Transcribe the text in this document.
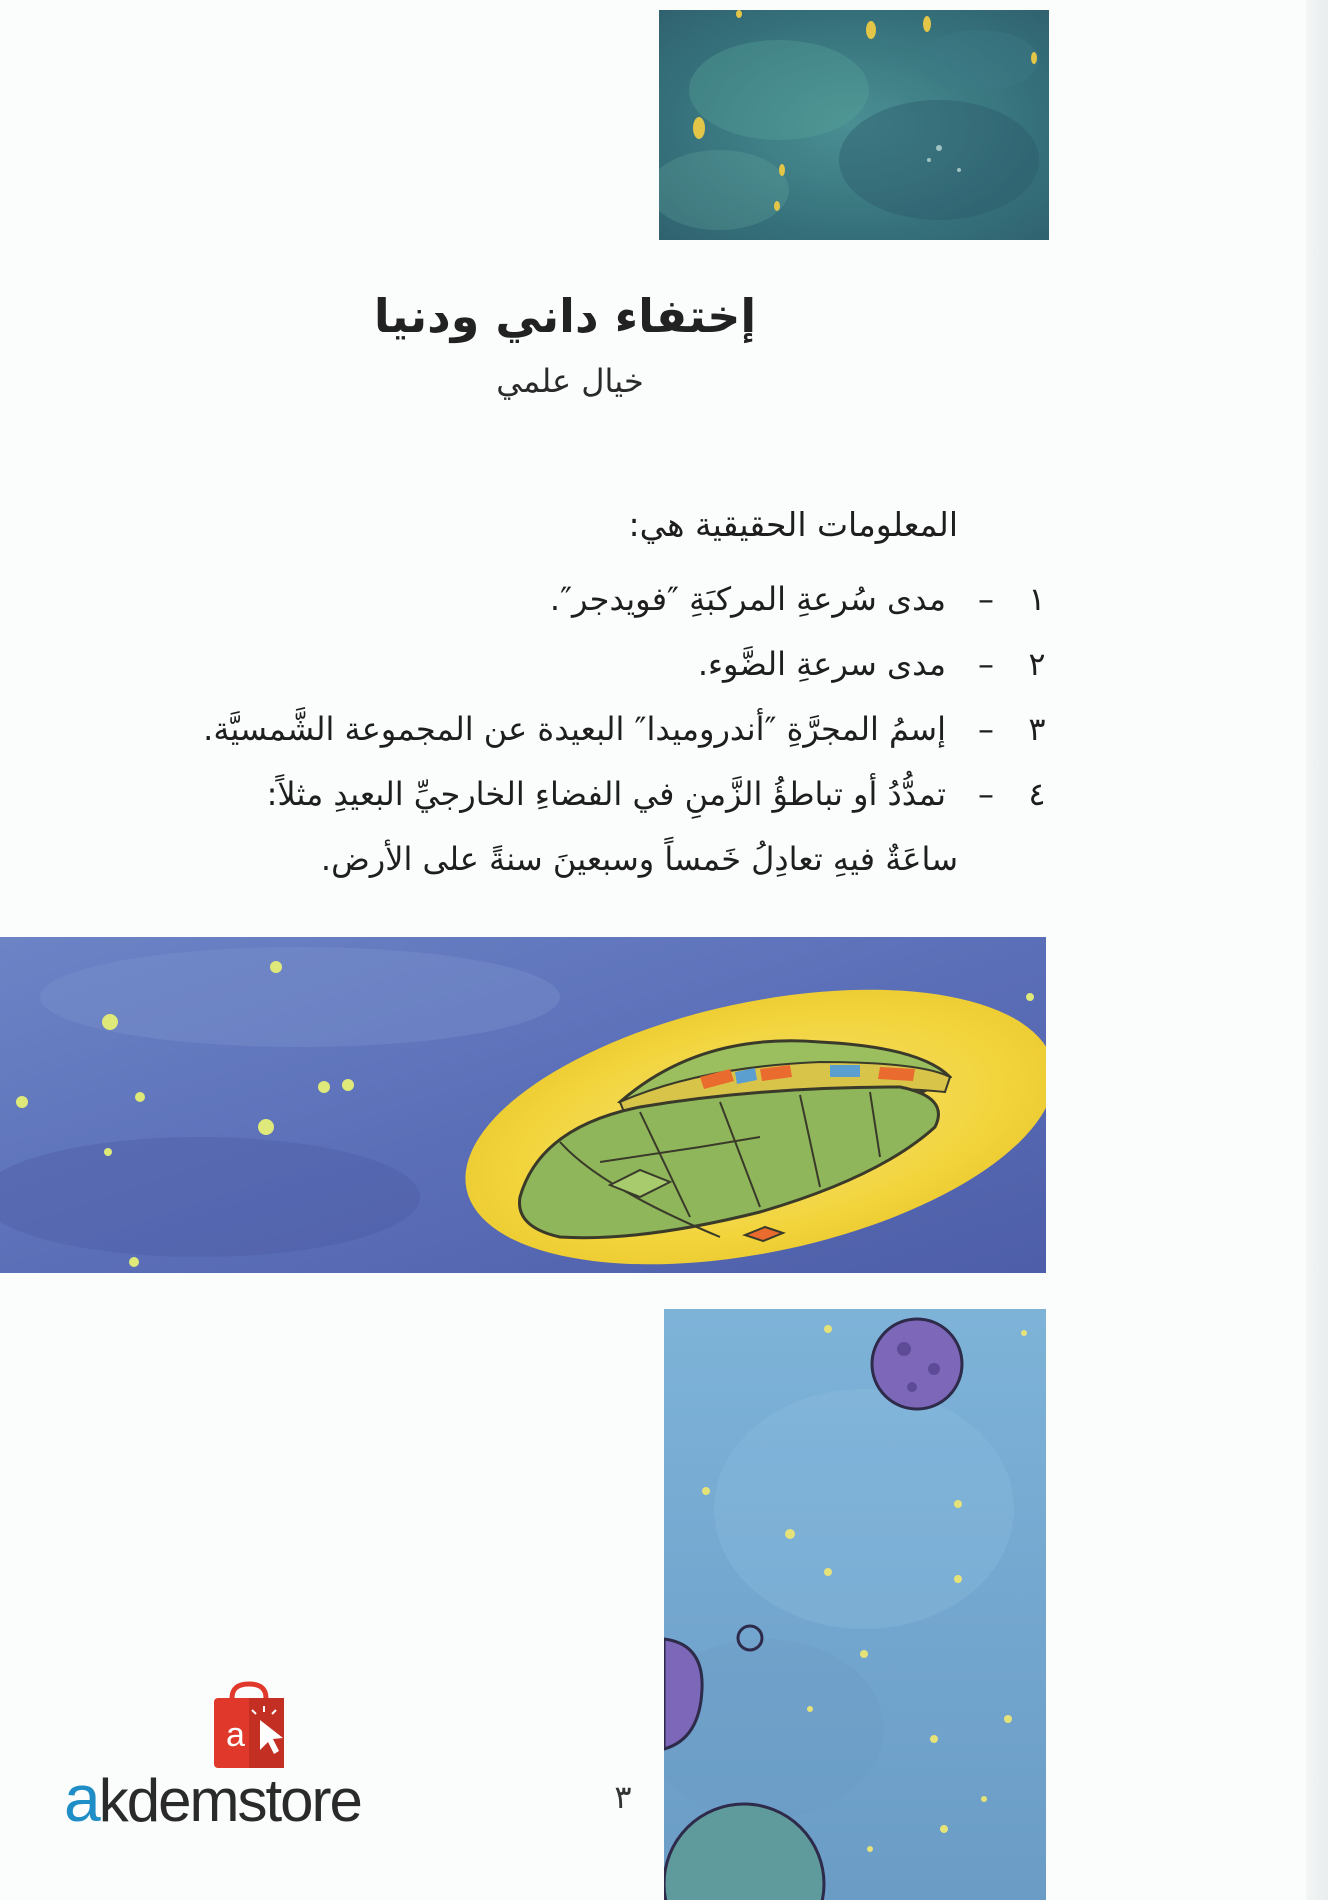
إختفاء داني ودنيا
خيال علمي
المعلومات الحقيقية هي:
١
–
مدى سُرعةِ المركبَةِ ″فويدجر″.
٢
–
مدى سرعةِ الضَّوء.
٣
–
إسمُ المجرَّةِ ″أندروميدا″ البعيدة عن المجموعة الشَّمسيَّة.
٤
–
تمدُّدُ أو تباطؤُ الزَّمنِ في الفضاءِ الخارجيِّ البعيدِ مثلاً:
ساعَةٌ فيهِ تعادِلُ خَمساً وسبعينَ سنةً على الأرض.
٣
a
akdemstore
